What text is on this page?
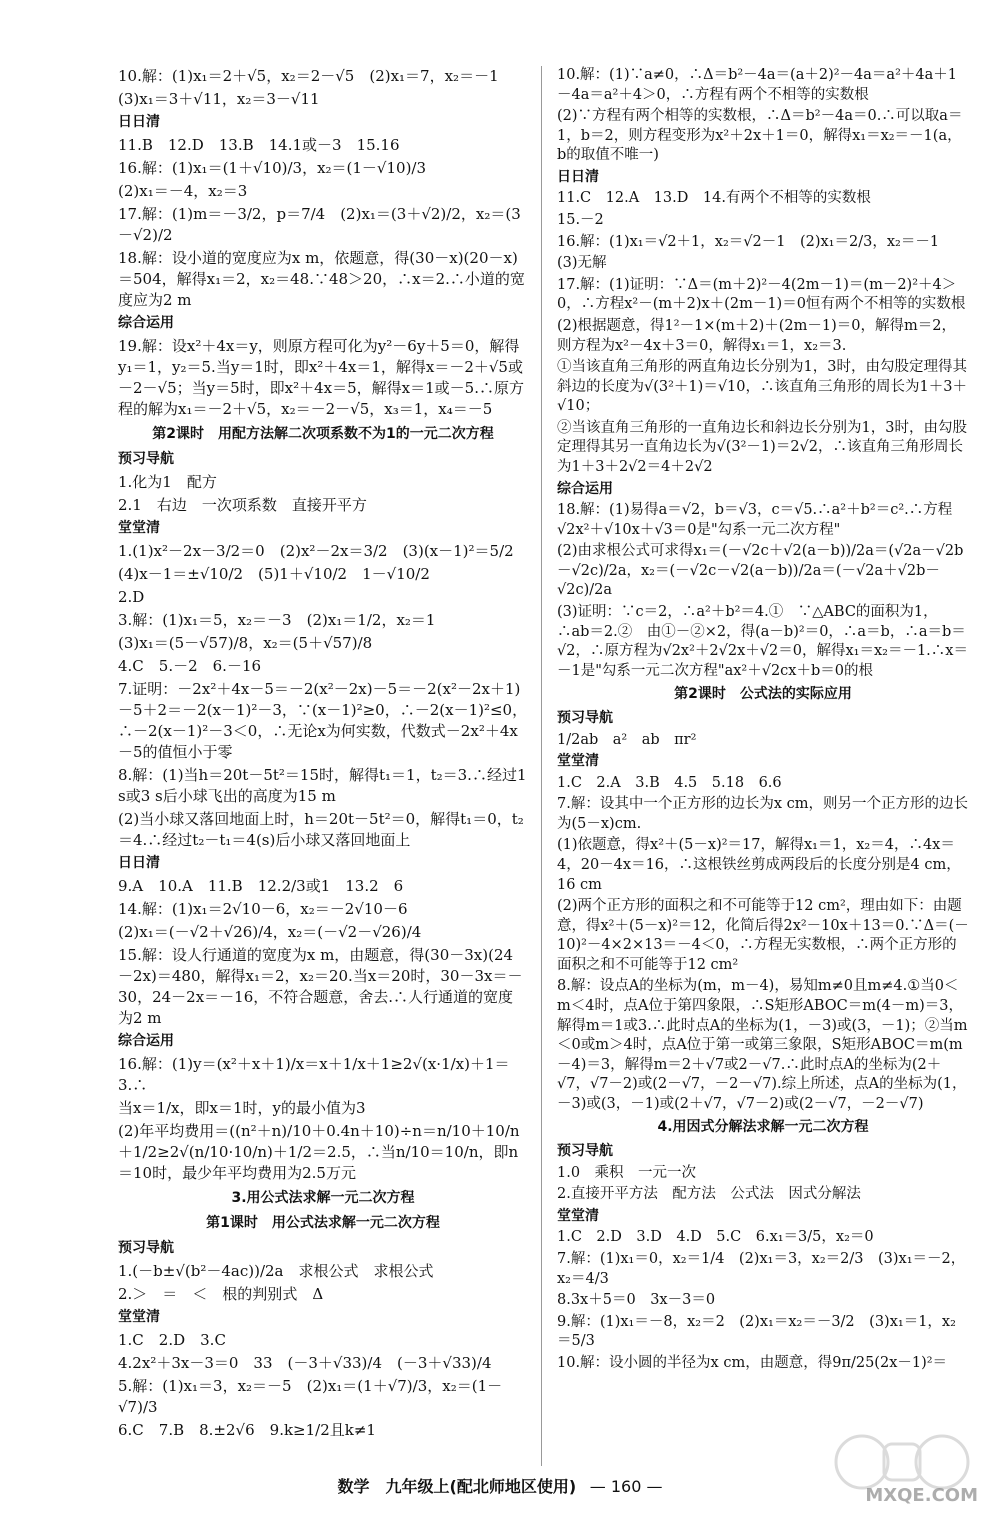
10.解：(1)x₁＝2＋√5，x₂＝2－√5　(2)x₁＝7，x₂＝－1
(3)x₁＝3＋√11，x₂＝3－√11
日日清
11.B　12.D　13.B　14.1或－3　15.16
16.解：(1)x₁＝(1＋√10)/3，x₂＝(1－√10)/3
(2)x₁＝－4，x₂＝3
17.解：(1)m＝－3/2，p＝7/4　(2)x₁＝(3＋√2)/2，x₂＝(3－√2)/2
18.解：设小道的宽度应为x m，依题意，得(30－x)(20－x)＝504，解得x₁＝2，x₂＝48.∵48＞20，∴x＝2.∴小道的宽度应为2 m
综合运用
19.解：设x²＋4x＝y，则原方程可化为y²－6y＋5＝0，解得y₁＝1，y₂＝5.当y＝1时，即x²＋4x＝1，解得x＝－2＋√5或－2－√5；当y＝5时，即x²＋4x＝5，解得x＝1或－5.∴原方程的解为x₁＝－2＋√5，x₂＝－2－√5，x₃＝1，x₄＝－5
第2课时　用配方法解二次项系数不为1的一元二次方程
预习导航
1.化为1　配方
2.1　右边　一次项系数　直接开平方
堂堂清
1.(1)x²－2x－3/2＝0　(2)x²－2x＝3/2　(3)(x－1)²＝5/2
(4)x－1＝±√10/2　(5)1＋√10/2　1－√10/2
2.D
3.解：(1)x₁＝5，x₂＝－3　(2)x₁＝1/2，x₂＝1
(3)x₁＝(5－√57)/8，x₂＝(5＋√57)/8
4.C　5.－2　6.－16
7.证明：－2x²＋4x－5＝－2(x²－2x)－5＝－2(x²－2x＋1)－5＋2＝－2(x－1)²－3，∵(x－1)²≥0，∴－2(x－1)²≤0，∴－2(x－1)²－3＜0，∴无论x为何实数，代数式－2x²＋4x－5的值恒小于零
8.解：(1)当h＝20t－5t²＝15时，解得t₁＝1，t₂＝3.∴经过1 s或3 s后小球飞出的高度为15 m
(2)当小球又落回地面上时，h＝20t－5t²＝0，解得t₁＝0，t₂＝4.∴经过t₂－t₁＝4(s)后小球又落回地面上
日日清
9.A　10.A　11.B　12.2/3或1　13.2　6
14.解：(1)x₁＝2√10－6，x₂＝－2√10－6
(2)x₁＝(－√2＋√26)/4，x₂＝(－√2－√26)/4
15.解：设人行通道的宽度为x m，由题意，得(30－3x)(24－2x)＝480，解得x₁＝2，x₂＝20.当x＝20时，30－3x＝－30，24－2x＝－16，不符合题意，舍去.∴人行通道的宽度为2 m
综合运用
16.解：(1)y＝(x²＋x＋1)/x＝x＋1/x＋1≥2√(x·1/x)＋1＝3.∴
当x＝1/x，即x＝1时，y的最小值为3
(2)年平均费用＝((n²＋n)/10＋0.4n＋10)÷n＝n/10＋10/n＋1/2≥2√(n/10·10/n)＋1/2＝2.5，∴当n/10＝10/n，即n＝10时，最少年平均费用为2.5万元
3.用公式法求解一元二次方程
第1课时　用公式法求解一元二次方程
预习导航
1.(－b±√(b²－4ac))/2a　求根公式　求根公式
2.＞　＝　＜　根的判别式　Δ
堂堂清
1.C　2.D　3.C
4.2x²＋3x－3＝0　33　(－3＋√33)/4　(－3＋√33)/4
5.解：(1)x₁＝3，x₂＝－5　(2)x₁＝(1＋√7)/3，x₂＝(1－√7)/3
6.C　7.B　8.±2√6　9.k≥1/2且k≠1
10.解：(1)∵a≠0，∴Δ＝b²－4a＝(a＋2)²－4a＝a²＋4a＋1－4a＝a²＋4＞0，∴方程有两个不相等的实数根
(2)∵方程有两个相等的实数根，∴Δ＝b²－4a＝0.∴可以取a＝1，b＝2，则方程变形为x²＋2x＋1＝0，解得x₁＝x₂＝－1(a，b的取值不唯一)
日日清
11.C　12.A　13.D　14.有两个不相等的实数根
15.－2
16.解：(1)x₁＝√2＋1，x₂＝√2－1　(2)x₁＝2/3，x₂＝－1
(3)无解
17.解：(1)证明：∵Δ＝(m＋2)²－4(2m－1)＝(m－2)²＋4＞0，∴方程x²－(m＋2)x＋(2m－1)＝0恒有两个不相等的实数根
(2)根据题意，得1²－1×(m＋2)＋(2m－1)＝0，解得m＝2，则方程为x²－4x＋3＝0，解得x₁＝1，x₂＝3.
①当该直角三角形的两直角边长分别为1，3时，由勾股定理得其斜边的长度为√(3²＋1)＝√10，∴该直角三角形的周长为1＋3＋√10；
②当该直角三角形的一直角边长和斜边长分别为1，3时，由勾股定理得其另一直角边长为√(3²－1)＝2√2，∴该直角三角形周长为1＋3＋2√2＝4＋2√2
综合运用
18.解：(1)易得a＝√2，b＝√3，c＝√5.∴a²＋b²＝c².∴方程√2x²＋√10x＋√3＝0是"勾系一元二次方程"
(2)由求根公式可求得x₁＝(－√2c＋√2(a－b))/2a＝(√2a－√2b－√2c)/2a，x₂＝(－√2c－√2(a－b))/2a＝(－√2a＋√2b－√2c)/2a
(3)证明：∵c＝2，∴a²＋b²＝4.①　∵△ABC的面积为1，∴ab＝2.②　由①－②×2，得(a－b)²＝0，∴a＝b，∴a＝b＝√2，∴原方程为√2x²＋2√2x＋√2＝0，解得x₁＝x₂＝－1.∴x＝－1是"勾系一元二次方程"ax²＋√2cx＋b＝0的根
第2课时　公式法的实际应用
预习导航
1/2ab　a²　ab　πr²
堂堂清
1.C　2.A　3.B　4.5　5.18　6.6
7.解：设其中一个正方形的边长为x cm，则另一个正方形的边长为(5－x)cm.
(1)依题意，得x²＋(5－x)²＝17，解得x₁＝1，x₂＝4，∴4x＝4，20－4x＝16，∴这根铁丝剪成两段后的长度分别是4 cm，16 cm
(2)两个正方形的面积之和不可能等于12 cm²，理由如下：由题意，得x²＋(5－x)²＝12，化简后得2x²－10x＋13＝0.∵Δ＝(－10)²－4×2×13＝－4＜0，∴方程无实数根，∴两个正方形的面积之和不可能等于12 cm²
8.解：设点A的坐标为(m，m－4)，易知m≠0且m≠4.①当0＜m＜4时，点A位于第四象限，∴S矩形ABOC＝m(4－m)＝3，解得m＝1或3.∴此时点A的坐标为(1，－3)或(3，－1)；②当m＜0或m＞4时，点A位于第一或第三象限，S矩形ABOC＝m(m－4)＝3，解得m＝2＋√7或2－√7.∴此时点A的坐标为(2＋√7，√7－2)或(2－√7，－2－√7).综上所述，点A的坐标为(1，－3)或(3，－1)或(2＋√7，√7－2)或(2－√7，－2－√7)
4.用因式分解法求解一元二次方程
预习导航
1.0　乘积　一元一次
2.直接开平方法　配方法　公式法　因式分解法
堂堂清
1.C　2.D　3.D　4.D　5.C　6.x₁＝3/5，x₂＝0
7.解：(1)x₁＝0，x₂＝1/4　(2)x₁＝3，x₂＝2/3　(3)x₁＝－2，x₂＝4/3
8.3x＋5＝0　3x－3＝0
9.解：(1)x₁＝－8，x₂＝2　(2)x₁＝x₂＝－3/2　(3)x₁＝1，x₂＝5/3
10.解：设小圆的半径为x cm，由题意，得9π/25(2x－1)²＝
数学　九年级上(配北师地区使用) — 160 —	MXQE.COM
